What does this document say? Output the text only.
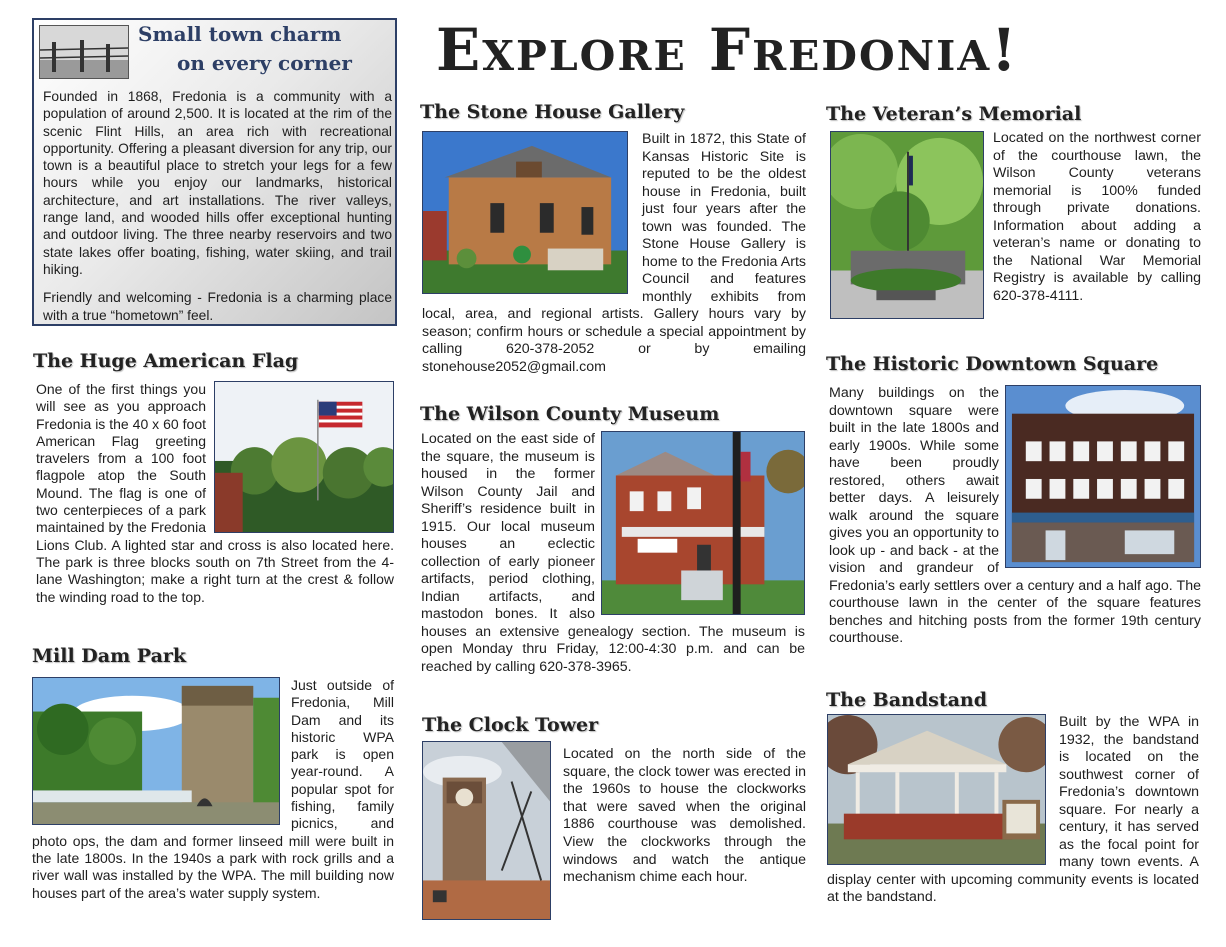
Explore Fredonia!
Small town charm
on every corner

Founded in 1868, Fredonia is a community with a population of around 2,500. It is located at the rim of the scenic Flint Hills, an area rich with recreational opportunity. Offering a pleasant diversion for any trip, our town is a beautiful place to stretch your legs for a few hours while you enjoy our landmarks, historical architecture, and art installations. The river valleys, range land, and wooded hills offer exceptional hunting and outdoor living. The three nearby reservoirs and two state lakes offer boating, fishing, water skiing, and trail hiking.

Friendly and welcoming - Fredonia is a charming place with a true “hometown” feel.

The Huge American Flag
One of the first things you will see as you approach Fredonia is the 40 x 60 foot American Flag greeting travelers from a 100 foot flagpole atop the South Mound. The flag is one of two centerpieces of a park maintained by the Fredonia Lions Club. A lighted star and cross is also located here. The park is three blocks south on 7th Street from the 4-lane Washington; make a right turn at the crest & follow the winding road to the top.
Mill Dam Park
Just outside of Fredonia, Mill Dam and its historic WPA park is open year-round. A popular spot for fishing, family picnics, and photo ops, the dam and former linseed mill were built in the late 1800s. In the 1940s a park with rock grills and a river wall was installed by the WPA. The mill building now houses part of the area’s water supply system.
The Stone House Gallery
Built in 1872, this State of Kansas Historic Site is reputed to be the oldest house in Fredonia, built just four years after the town was founded. The Stone House Gallery is home to the Fredonia Arts Council and features monthly exhibits from local, area, and regional artists. Gallery hours vary by season; confirm hours or schedule a special appointment by calling 620-378-2052 or by emailing stonehouse2052@gmail.com
The Wilson County Museum
Located on the east side of the square, the museum is housed in the former Wilson County Jail and Sheriff’s residence built in 1915. Our local museum houses an eclectic collection of early pioneer artifacts, period clothing, Indian artifacts, and mastodon bones. It also houses an extensive genealogy section. The museum is open Monday thru Friday, 12:00-4:30 p.m. and can be reached by calling 620-378-3965.
The Clock Tower
Located on the north side of the square, the clock tower was erected in the 1960s to house the clockworks that were saved when the original 1886 courthouse was demolished. View the clockworks through the windows and watch the antique mechanism chime each hour.
The Veteran’s Memorial
Located on the northwest corner of the courthouse lawn, the Wilson County veterans memorial is 100% funded through private donations. Information about adding a veteran’s name or donating to the National War Memorial Registry is available by calling 620-378-4111.
The Historic Downtown Square
Many buildings on the downtown square were built in the late 1800s and early 1900s. While some have been proudly restored, others await better days. A leisurely walk around the square gives you an opportunity to look up - and back - at the vision and grandeur of Fredonia’s early settlers over a century and a half ago. The courthouse lawn in the center of the square features benches and hitching posts from the former 19th century courthouse.
The Bandstand
Built by the WPA in 1932, the bandstand is located on the southwest corner of Fredonia’s downtown square. For nearly a century, it has served as the focal point for many town events. A display center with upcoming community events is located at the bandstand.
